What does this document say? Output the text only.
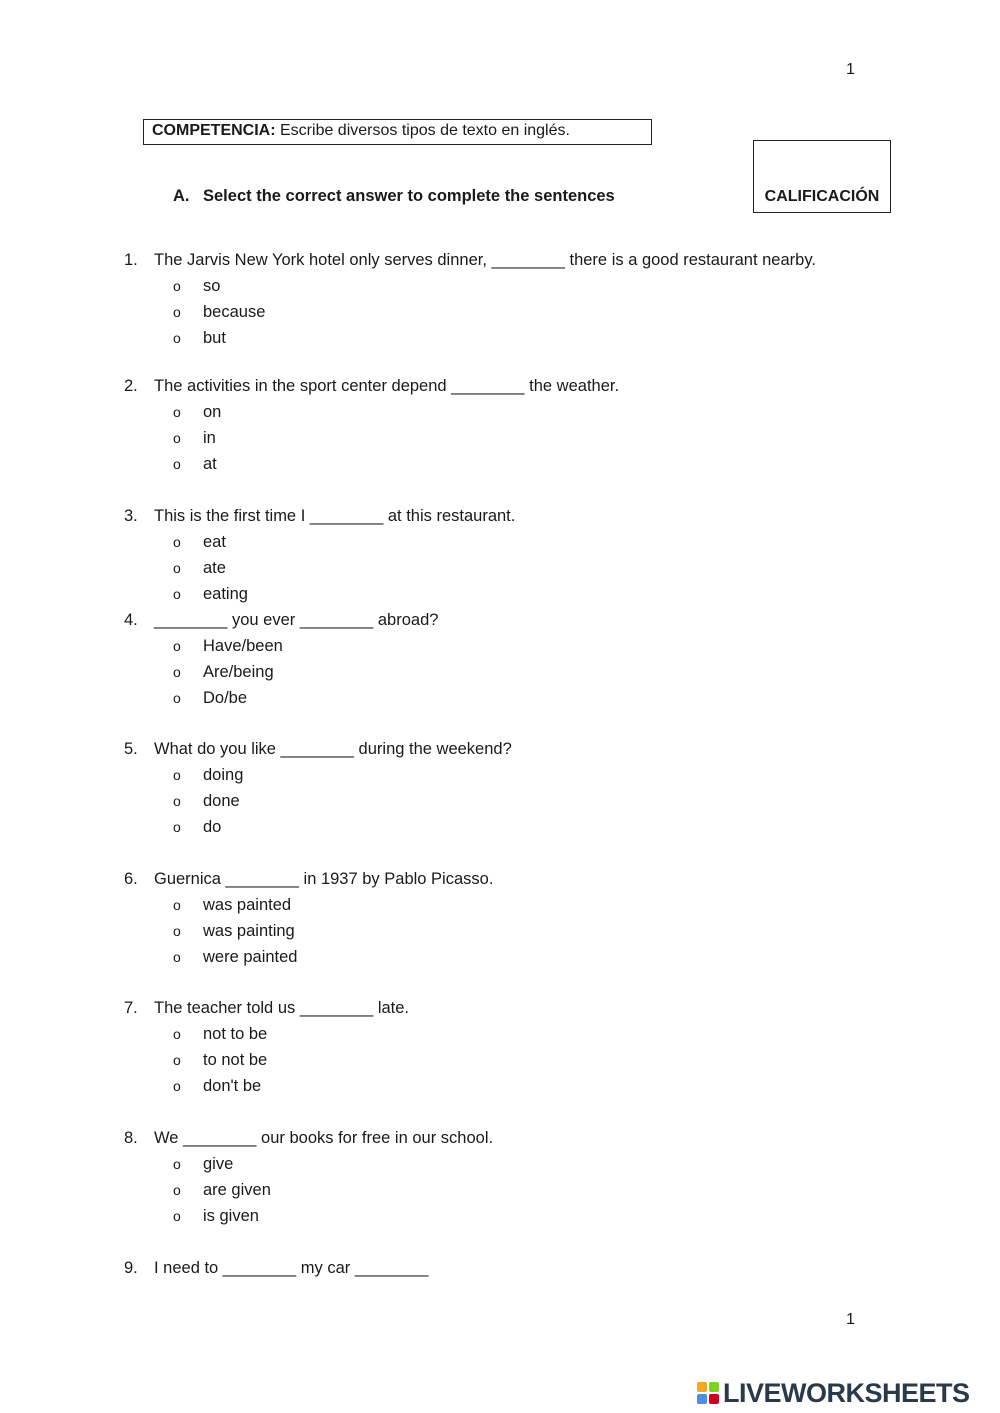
1
COMPETENCIA: Escribe diversos tipos de texto en inglés.
A. Select the correct answer to complete the sentences	CALIFICACIÓN
1. The Jarvis New York hotel only serves dinner, ________ there is a good restaurant nearby.
o so
o because
o but
2. The activities in the sport center depend ________ the weather.
o on
o in
o at
3. This is the first time I ________ at this restaurant.
o eat
o ate
o eating
4. ________ you ever ________ abroad?
o Have/been
o Are/being
o Do/be
5. What do you like ________ during the weekend?
o doing
o done
o do
6. Guernica ________ in 1937 by Pablo Picasso.
o was painted
o was painting
o were painted
7. The teacher told us ________ late.
o not to be
o to not be
o don't be
8. We ________ our books for free in our school.
o give
o are given
o is given
9. I need to ________ my car ________
1
LIVEWORKSHEETS
